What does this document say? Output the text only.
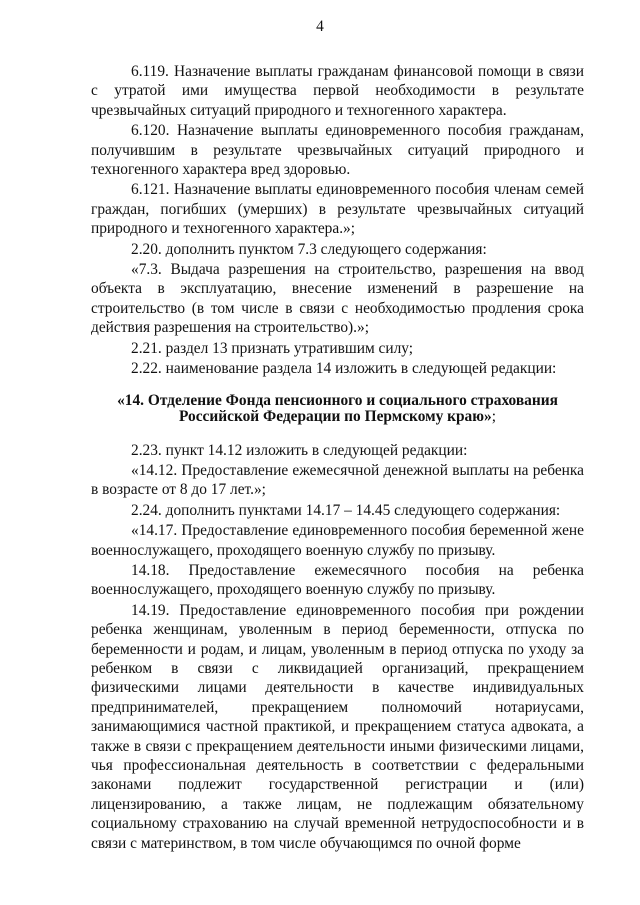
4

6.119. Назначение выплаты гражданам финансовой помощи в связи с утратой ими имущества первой необходимости в результате чрезвычайных ситуаций природного и техногенного характера.

6.120. Назначение выплаты единовременного пособия гражданам, получившим в результате чрезвычайных ситуаций природного и техногенного характера вред здоровью.

6.121. Назначение выплаты единовременного пособия членам семей граждан, погибших (умерших) в результате чрезвычайных ситуаций природного и техногенного характера.»;

2.20. дополнить пунктом 7.3 следующего содержания:

«7.3. Выдача разрешения на строительство, разрешения на ввод объекта в эксплуатацию, внесение изменений в разрешение на строительство (в том числе в связи с необходимостью продления срока действия разрешения на строительство).»;

2.21. раздел 13 признать утратившим силу;

2.22. наименование раздела 14 изложить в следующей редакции:

«14. Отделение Фонда пенсионного и социального страхования Российской Федерации по Пермскому краю»;

2.23. пункт 14.12 изложить в следующей редакции:

«14.12. Предоставление ежемесячной денежной выплаты на ребенка в возрасте от 8 до 17 лет.»;

2.24. дополнить пунктами 14.17 – 14.45 следующего содержания:

«14.17. Предоставление единовременного пособия беременной жене военнослужащего, проходящего военную службу по призыву.

14.18. Предоставление ежемесячного пособия на ребенка военнослужащего, проходящего военную службу по призыву.

14.19. Предоставление единовременного пособия при рождении ребенка женщинам, уволенным в период беременности, отпуска по беременности и родам, и лицам, уволенным в период отпуска по уходу за ребенком в связи с ликвидацией организаций, прекращением физическими лицами деятельности в качестве индивидуальных предпринимателей, прекращением полномочий нотариусами, занимающимися частной практикой, и прекращением статуса адвоката, а также в связи с прекращением деятельности иными физическими лицами, чья профессиональная деятельность в соответствии с федеральными законами подлежит государственной регистрации и (или) лицензированию, а также лицам, не подлежащим обязательному социальному страхованию на случай временной нетрудоспособности и в связи с материнством, в том числе обучающимся по очной форме
